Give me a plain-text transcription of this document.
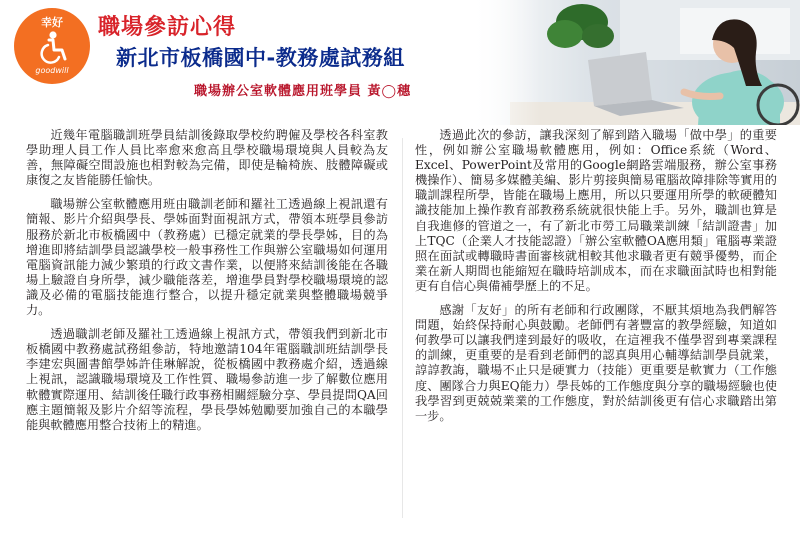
幸好
goodwill
職場參訪心得
新北市板橋國中-教務處試務組
職場辦公室軟體應用班學員 黃◯穗

近幾年電腦職訓班學員結訓後錄取學校約聘僱及學校各科室教學助理人員工作人員比率愈來愈高且學校職場環境與人員較為友善，無障礙空間設施也相對較為完備，即使是輪椅族、肢體障礙或康復之友皆能勝任愉快。

職場辦公室軟體應用班由職訓老師和羅社工透過線上視訊還有簡報、影片介紹與學長、學姊面對面視訊方式，帶領本班學員參訪服務於新北市板橋國中（教務處）已穩定就業的學長學姊，目的為增進即將結訓學員認識學校一般事務性工作與辦公室職場如何運用電腦資訊能力減少繁瑣的行政文書作業，以便將來結訓後能在各職場上驗證自身所學，減少職能落差，增進學員對學校職場環境的認識及必備的電腦技能進行整合，以提升穩定就業與整體職場競爭力。

透過職訓老師及羅社工透過線上視訊方式，帶領我們到新北市板橋國中教務處試務組參訪，特地邀請104年電腦職訓班結訓學長李建宏與圖書館學姊許佳琳解說，從板橋國中教務處介紹，透過線上視訊，認識職場環境及工作性質、職場參訪進一步了解數位應用軟體實際運用、結訓後任職行政事務相關經驗分享、學員提問QA回應主題簡報及影片介紹等流程，學長學姊勉勵要加強自己的本職學能與軟體應用整合技術上的精進。

透過此次的參訪，讓我深刻了解到踏入職場「做中學」的重要性，例如辦公室職場軟體應用，例如：Office系統（Word、Excel、PowerPoint及常用的Google網路雲端服務，辦公室事務機操作）、簡易多媒體美編、影片剪接與簡易電腦故障排除等實用的職訓課程所學，皆能在職場上應用，所以只要運用所學的軟硬體知識技能加上操作教育部教務系統就很快能上手。另外，職訓也算是自我進修的管道之一，有了新北市勞工局職業訓練「結訓證書」加上TQC（企業人才技能認證）「辦公室軟體OA應用類」電腦專業證照在面試或轉職時書面審核就相較其他求職者更有競爭優勢，而企業在新人期間也能縮短在職時培訓成本，而在求職面試時也相對能更有自信心與備補學歷上的不足。

感謝「友好」的所有老師和行政團隊，不厭其煩地為我們解答問題，始終保持耐心與鼓勵。老師們有著豐富的教學經驗，知道如何教學可以讓我們達到最好的吸收，在這裡我不僅學習到專業課程的訓練，更重要的是看到老師們的認真與用心輔導結訓學員就業，諄諄教誨，職場不止只是硬實力（技能）更重要是軟實力（工作態度、團隊合力與EQ能力）學長姊的工作態度與分享的職場經驗也使我學習到更兢兢業業的工作態度，對於結訓後更有信心求職踏出第一步。
